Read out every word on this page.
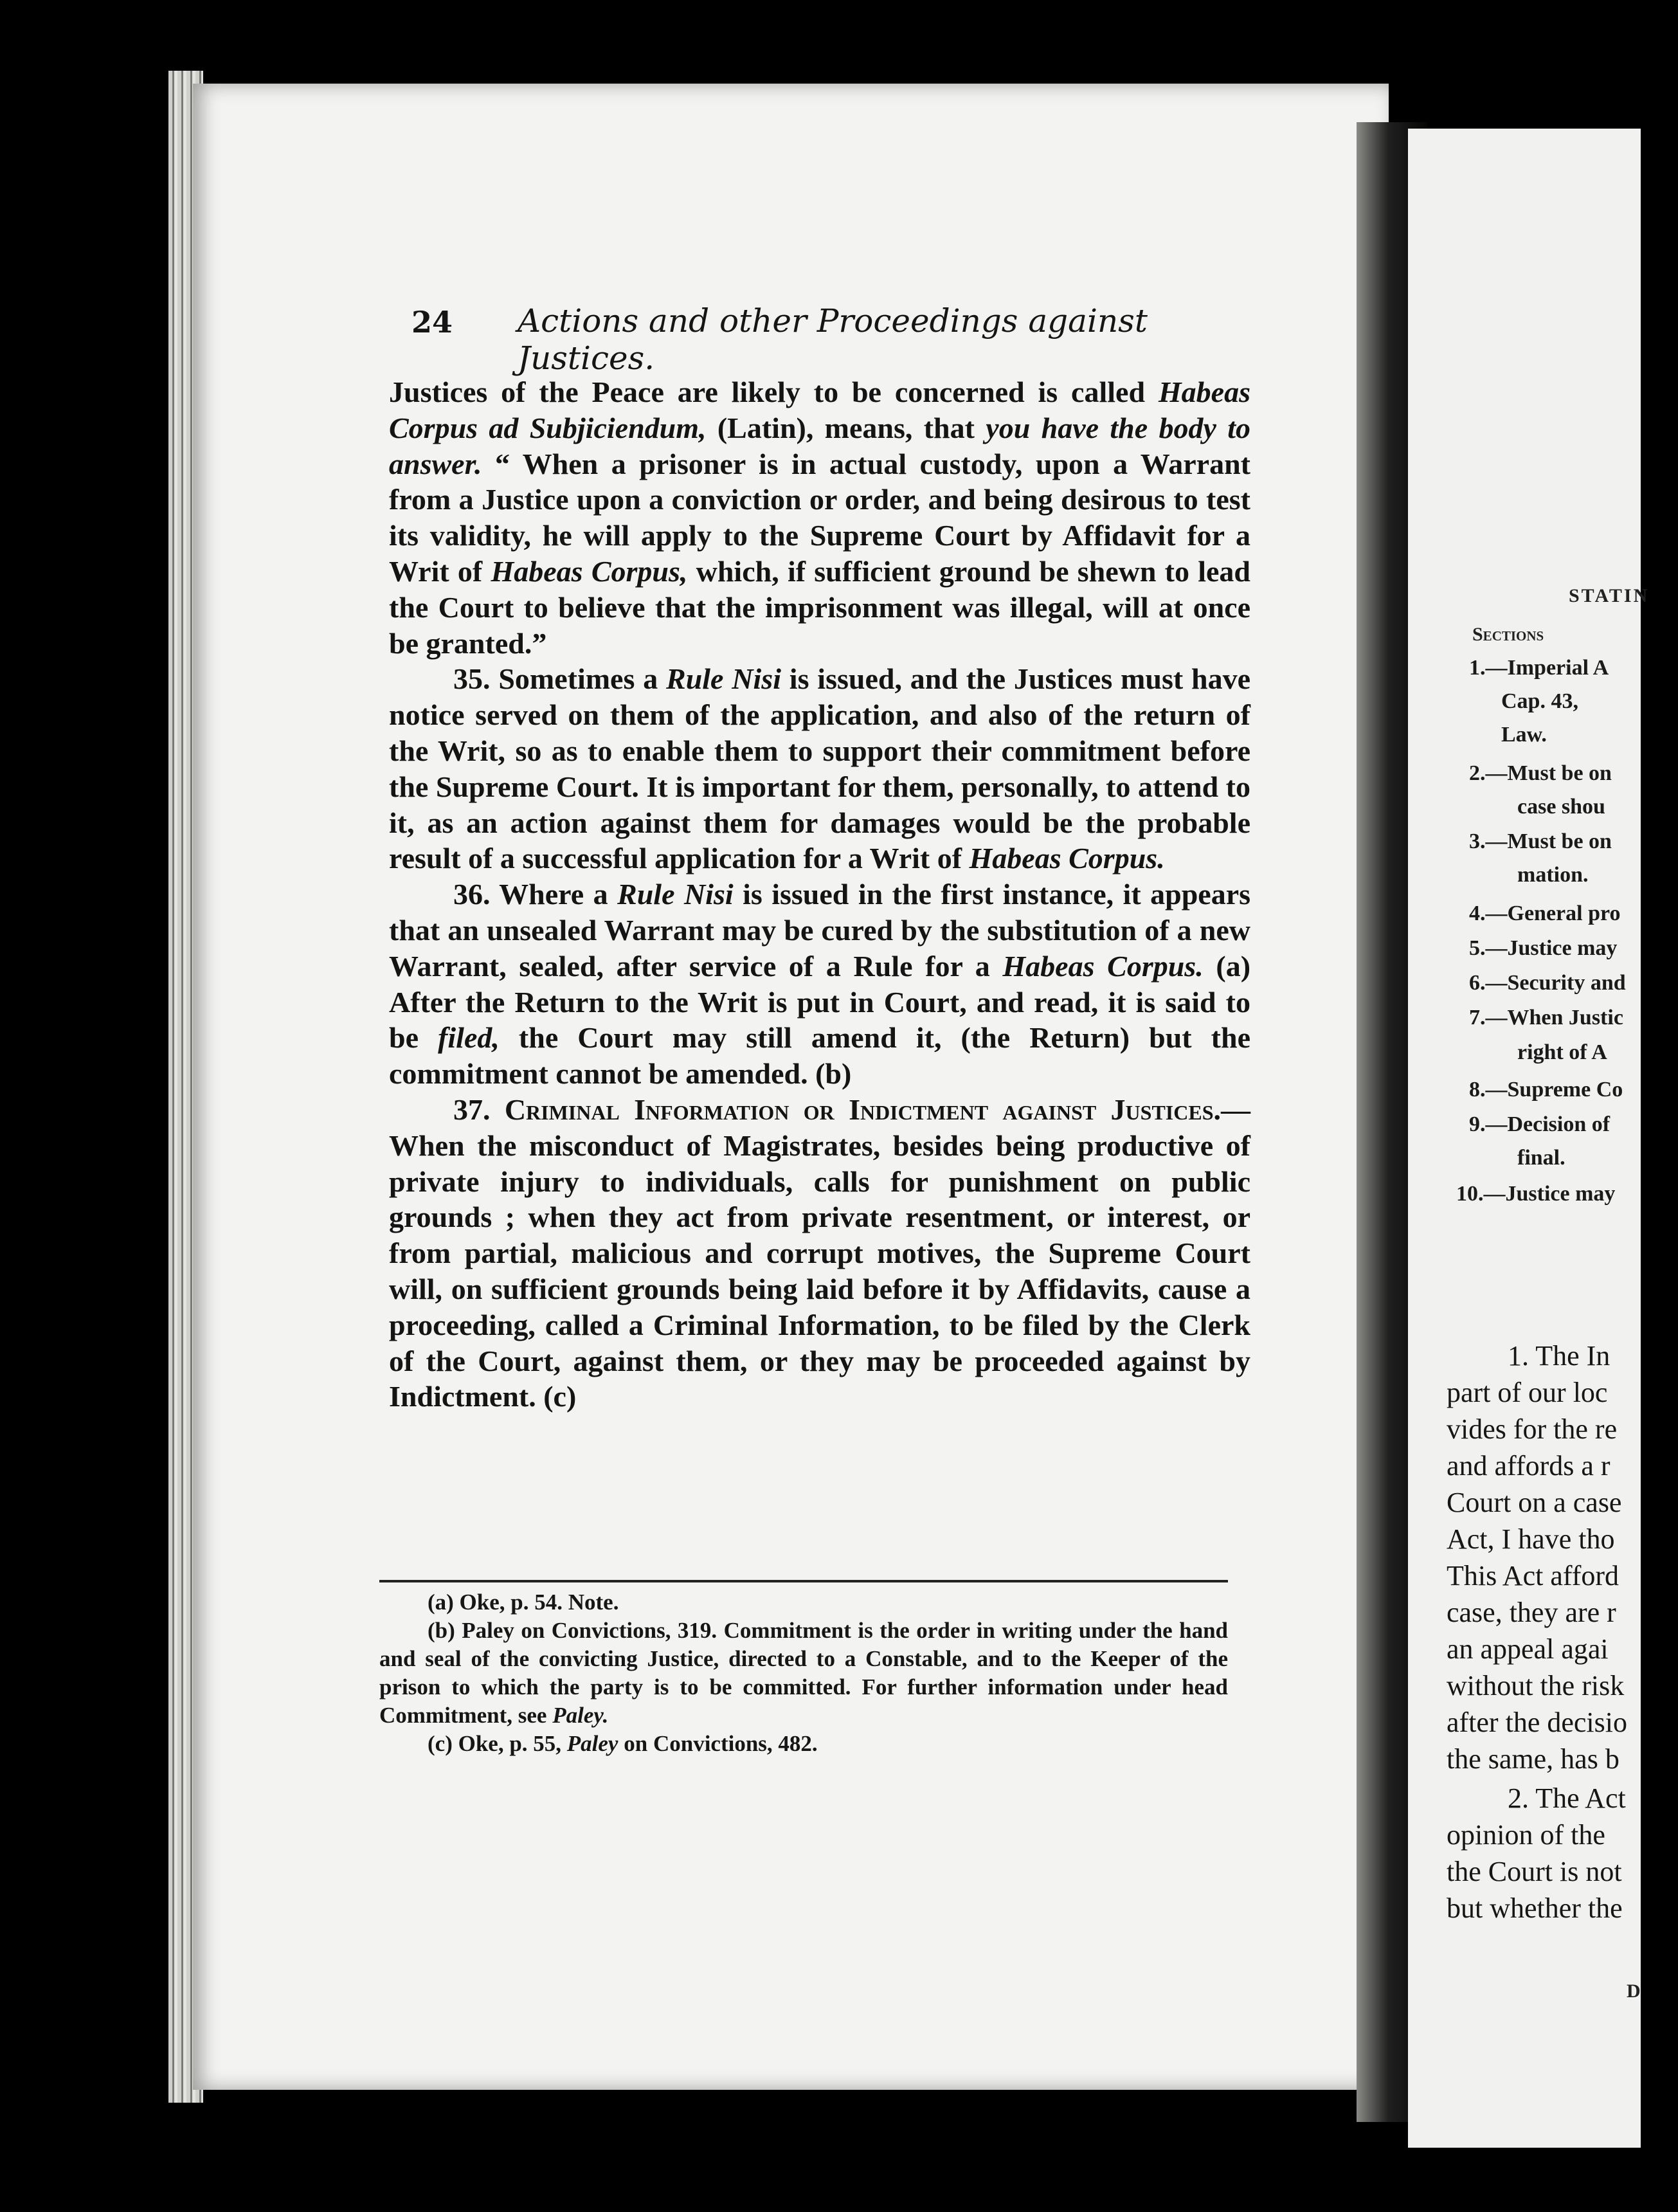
24 Actions and other Proceedings against Justices.

Justices of the Peace are likely to be concerned is called Habeas Corpus ad Subjiciendum, (Latin), means, that you have the body to answer. “ When a prisoner is in actual custody, upon a Warrant from a Justice upon a conviction or order, and being desirous to test its validity, he will apply to the Supreme Court by Affidavit for a Writ of Habeas Corpus, which, if sufficient ground be shewn to lead the Court to believe that the imprisonment was illegal, will at once be granted.”

35. Sometimes a Rule Nisi is issued, and the Justices must have notice served on them of the application, and also of the return of the Writ, so as to enable them to support their commitment before the Supreme Court. It is important for them, personally, to attend to it, as an action against them for damages would be the probable result of a successful application for a Writ of Habeas Corpus.

36. Where a Rule Nisi is issued in the first instance, it appears that an unsealed Warrant may be cured by the substitution of a new Warrant, sealed, after service of a Rule for a Habeas Corpus. (a) After the Return to the Writ is put in Court, and read, it is said to be filed, the Court may still amend it, (the Return) but the commitment cannot be amended. (b)

37. Criminal Information or Indictment against Justices.—When the misconduct of Magistrates, besides being productive of private injury to individuals, calls for punishment on public grounds ; when they act from private resentment, or interest, or from partial, malicious and corrupt motives, the Supreme Court will, on sufficient grounds being laid before it by Affidavits, cause a proceeding, called a Criminal Information, to be filed by the Clerk of the Court, against them, or they may be proceeded against by Indictment. (c)

(a) Oke, p. 54. Note.

(b) Paley on Convictions, 319. Commitment is the order in writing under the hand and seal of the convicting Justice, directed to a Constable, and to the Keeper of the prison to which the party is to be committed. For further information under head Commitment, see Paley.

(c) Oke, p. 55, Paley on Convictions, 482.

STATIN
Sections
1.—Imperial A
Cap. 43,
Law.
2.—Must be on
case shou
3.—Must be on
mation.
4.—General pro
5.—Justice may
6.—Security and
7.—When Justic
right of A
8.—Supreme Co
9.—Decision of
final.
10.—Justice may
1. The In
part of our loc
vides for the re
and affords a r
Court on a case
Act, I have tho
This Act afford
case, they are r
an appeal agai
without the risk
after the decisio
the same, has b
2. The Act
opinion of the
the Court is not
but whether the
D
